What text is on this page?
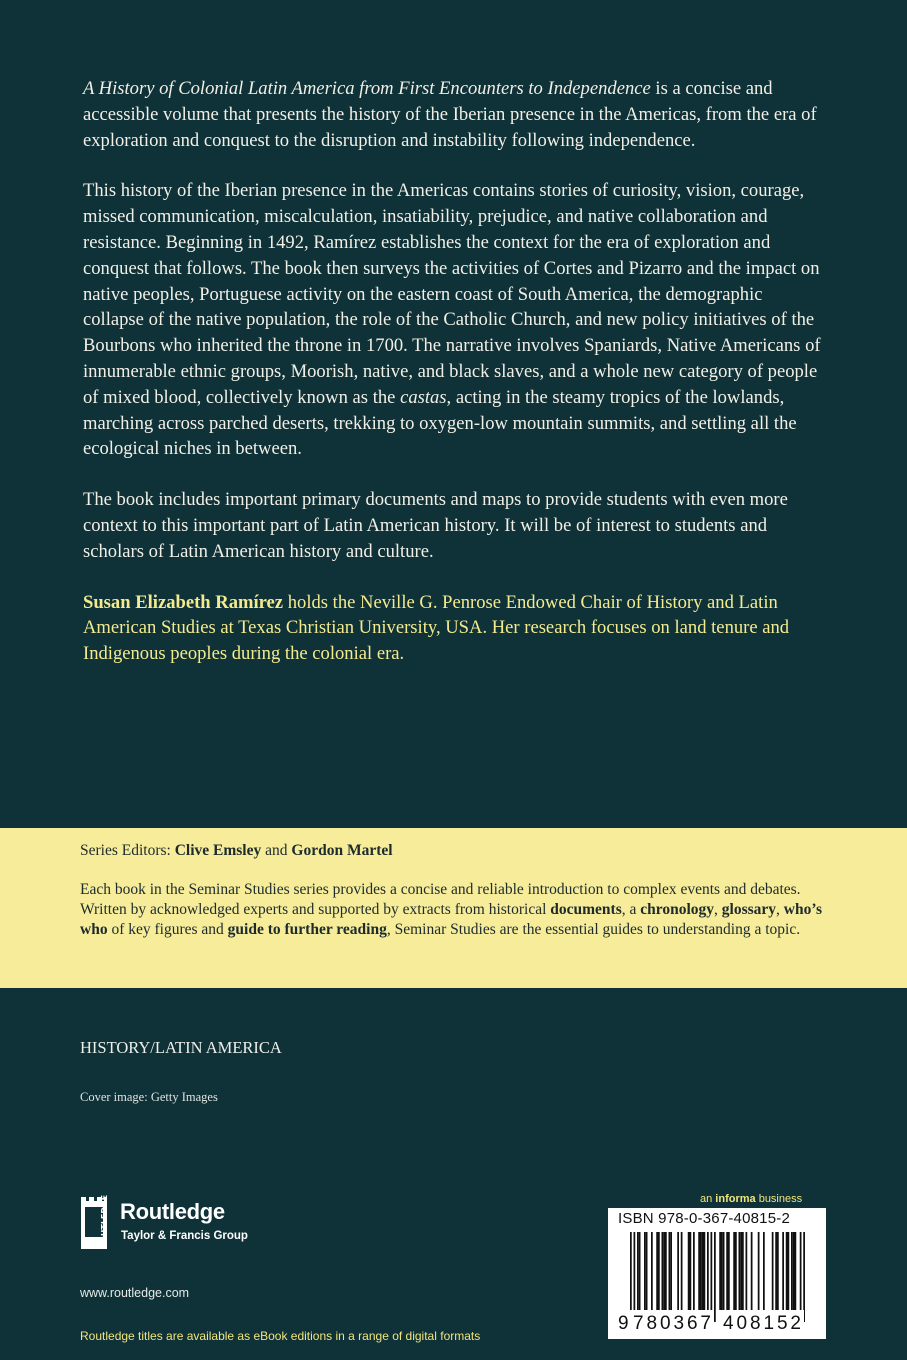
A History of Colonial Latin America from First Encounters to Independence is a concise and accessible volume that presents the history of the Iberian presence in the Americas, from the era of exploration and conquest to the disruption and instability following independence.

This history of the Iberian presence in the Americas contains stories of curiosity, vision, courage, missed communication, miscalculation, insatiability, prejudice, and native collaboration and resistance. Beginning in 1492, Ramírez establishes the context for the era of exploration and conquest that follows. The book then surveys the activities of Cortes and Pizarro and the impact on native peoples, Portuguese activity on the eastern coast of South America, the demographic collapse of the native population, the role of the Catholic Church, and new policy initiatives of the Bourbons who inherited the throne in 1700. The narrative involves Spaniards, Native Americans of innumerable ethnic groups, Moorish, native, and black slaves, and a whole new category of people of mixed blood, collectively known as the castas, acting in the steamy tropics of the lowlands, marching across parched deserts, trekking to oxygen-low mountain summits, and settling all the ecological niches in between.

The book includes important primary documents and maps to provide students with even more context to this important part of Latin American history. It will be of interest to students and scholars of Latin American history and culture.

Susan Elizabeth Ramírez holds the Neville G. Penrose Endowed Chair of History and Latin American Studies at Texas Christian University, USA. Her research focuses on land tenure and Indigenous peoples during the colonial era.

Series Editors: Clive Emsley and Gordon Martel
Each book in the Seminar Studies series provides a concise and reliable introduction to complex events and debates. Written by acknowledged experts and supported by extracts from historical documents, a chronology, glossary, who’s who of key figures and guide to further reading, Seminar Studies are the essential guides to understanding a topic.
HISTORY/LATIN AMERICA
Cover image: Getty Images
ROUTLEDGE Routledge
Taylor & Francis Group
www.routledge.com
Routledge titles are available as eBook editions in a range of digital formats
an informa business
ISBN 978-0-367-40815-2
9 780367 408152
